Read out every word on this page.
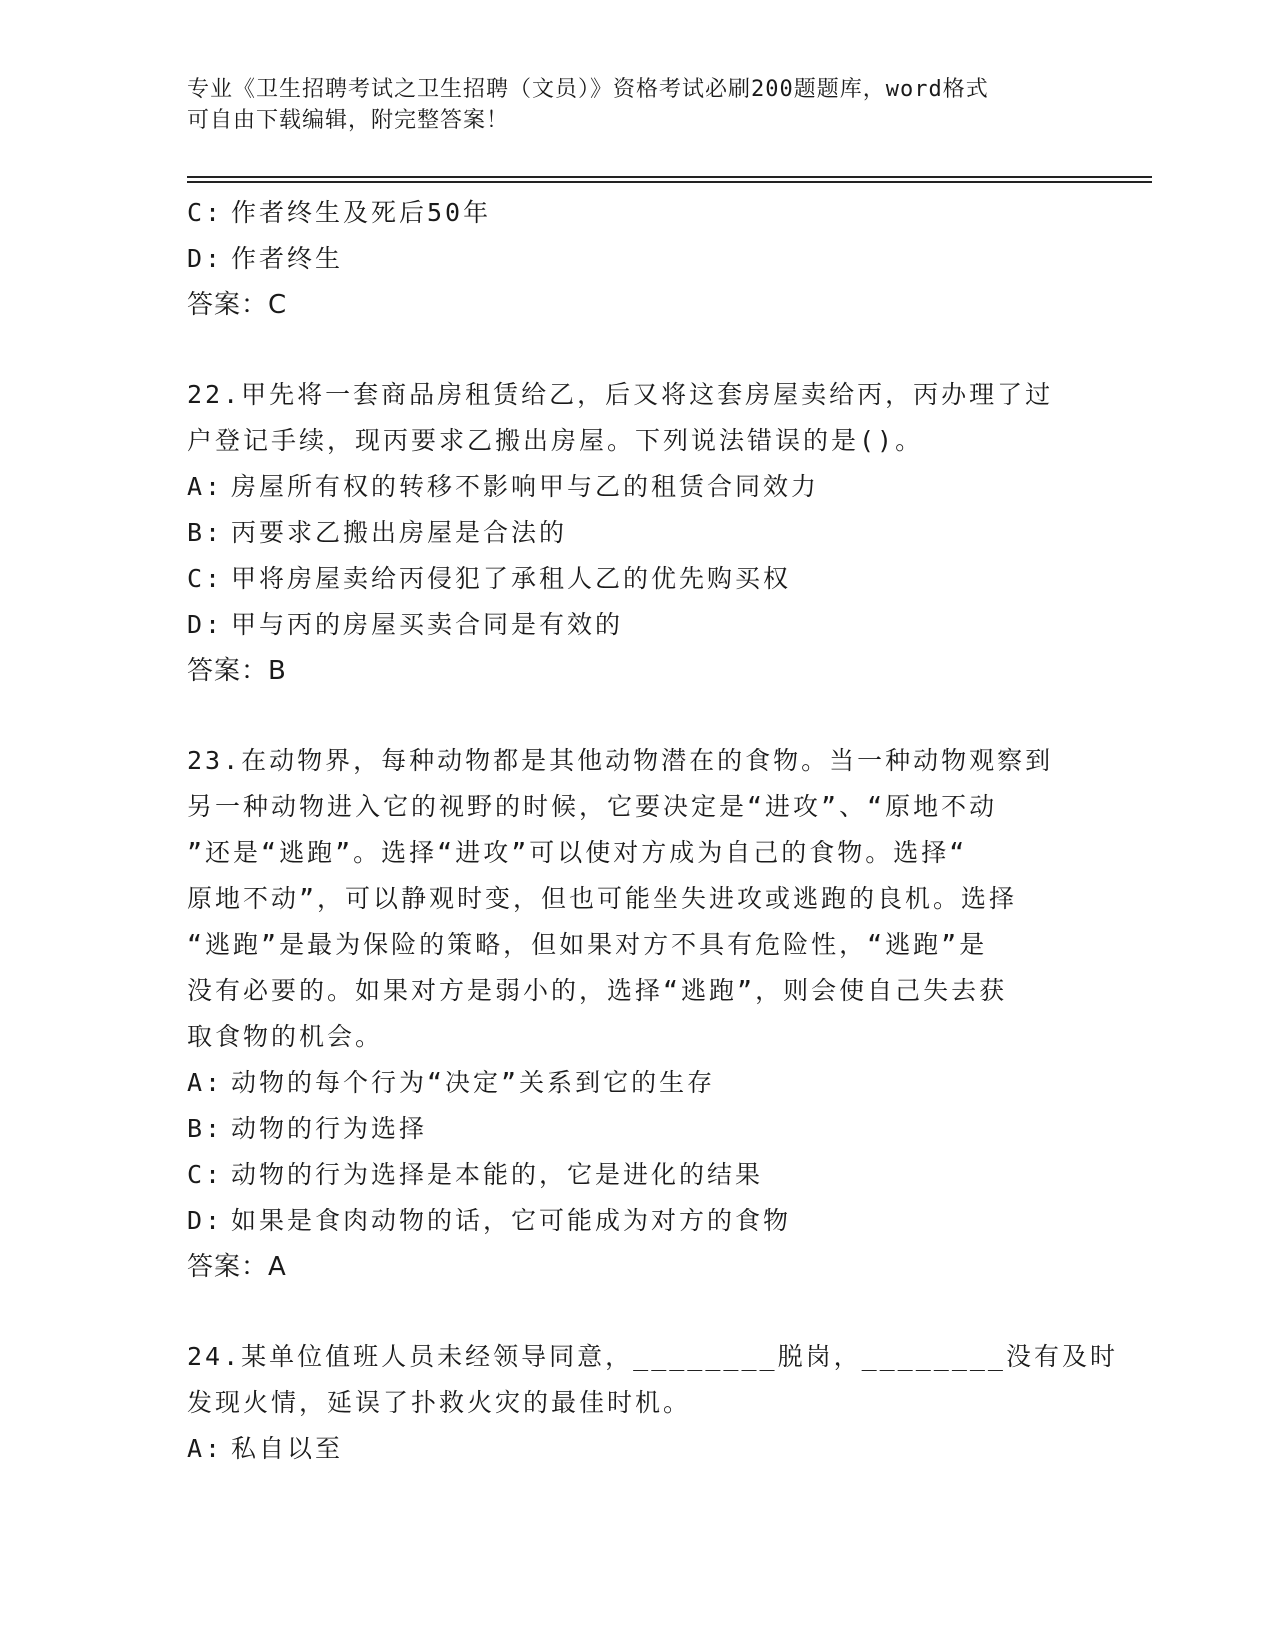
专业《卫生招聘考试之卫生招聘（文员）》资格考试必刷200题题库，word格式
可自由下载编辑，附完整答案！
C: 作者终生及死后50年
D: 作者终生
答案：C
22.甲先将一套商品房租赁给乙，后又将这套房屋卖给丙，丙办理了过
户登记手续，现丙要求乙搬出房屋。下列说法错误的是()。
A: 房屋所有权的转移不影响甲与乙的租赁合同效力
B: 丙要求乙搬出房屋是合法的
C: 甲将房屋卖给丙侵犯了承租人乙的优先购买权
D: 甲与丙的房屋买卖合同是有效的
答案：B
23.在动物界，每种动物都是其他动物潜在的食物。当一种动物观察到
另一种动物进入它的视野的时候，它要决定是“进攻”、“原地不动
”还是“逃跑”。选择“进攻”可以使对方成为自己的食物。选择“
原地不动”，可以静观时变，但也可能坐失进攻或逃跑的良机。选择
“逃跑”是最为保险的策略，但如果对方不具有危险性，“逃跑”是
没有必要的。如果对方是弱小的，选择“逃跑”，则会使自己失去获
取食物的机会。
A: 动物的每个行为“决定”关系到它的生存
B: 动物的行为选择
C: 动物的行为选择是本能的，它是进化的结果
D: 如果是食肉动物的话，它可能成为对方的食物
答案：A
24.某单位值班人员未经领导同意，________脱岗，________没有及时
发现火情，延误了扑救火灾的最佳时机。
A: 私自以至
